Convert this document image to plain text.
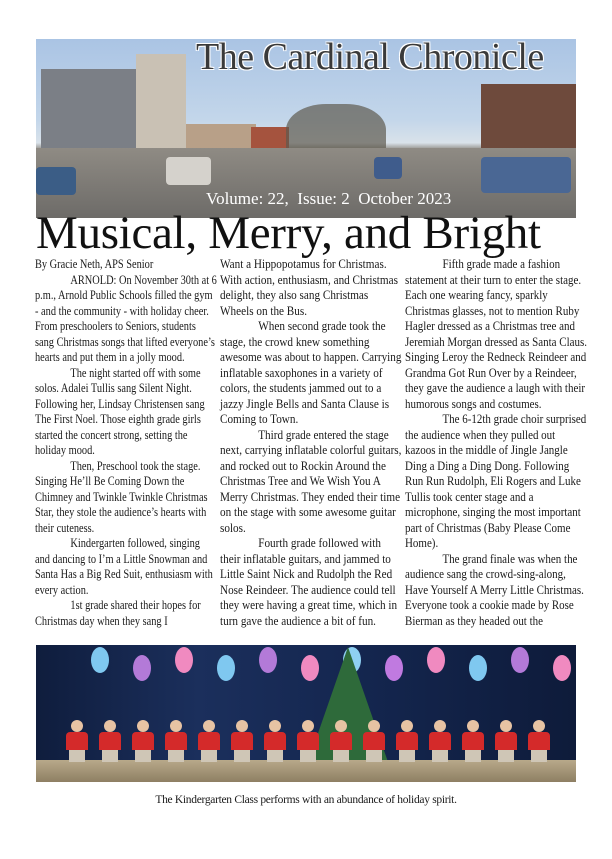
The Cardinal Chronicle
Volume: 22,  Issue: 2  October 2023
Musical, Merry, and Bright

By Gracie Neth, APS Senior

ARNOLD: On November 30th at 6 p.m., Arnold Public Schools filled the gym - and the community - with holiday cheer. From preschoolers to Seniors, students sang Christmas songs that lifted everyone’s hearts and put them in a jolly mood.

The night started off with some solos. Adalei Tullis sang Silent Night. Following her, Lindsay Christensen sang The First Noel. Those eighth grade girls started the concert strong, setting the holiday mood.

Then, Preschool took the stage. Singing He’ll Be Coming Down the Chimney and Twinkle Twinkle Christmas Star, they stole the audience’s hearts with their cuteness.

Kindergarten followed, singing and dancing to I’m a Little Snowman and Santa Has a Big Red Suit, enthusiasm with every action.

1st grade shared their hopes for Christmas day when they sang I

Want a Hippopotamus for Christmas. With action, enthusiasm, and Christmas delight, they also sang Christmas Wheels on the Bus.

When second grade took the stage, the crowd knew something awesome was about to happen. Carrying inflatable saxophones in a variety of colors, the students jammed out to a jazzy Jingle Bells and Santa Clause is Coming to Town.

Third grade entered the stage next, carrying inflatable colorful guitars, and rocked out to Rockin Around the Christmas Tree and We Wish You A Merry Christmas. They ended their time on the stage with some awesome guitar solos.

Fourth grade followed with their inflatable guitars, and jammed to Little Saint Nick and Rudolph the Red Nose Reindeer. The audience could tell they were having a great time, which in turn gave the audience a bit of fun.

Fifth grade made a fashion statement at their turn to enter the stage. Each one wearing fancy, sparkly Christmas glasses, not to mention Ruby Hagler dressed as a Christmas tree and Jeremiah Morgan dressed as Santa Claus. Singing Leroy the Redneck Reindeer and Grandma Got Run Over by a Reindeer, they gave the audience a laugh with their humorous songs and costumes.

The 6-12th grade choir surprised the audience when they pulled out kazoos in the middle of Jingle Jangle Ding a Ding a Ding Dong. Following Run Run Rudolph, Eli Rogers and Luke Tullis took center stage and a microphone, singing the most important part of Christmas (Baby Please Come Home).

The grand finale was when the audience sang the crowd-sing-along, Have Yourself A Merry Little Christmas. Everyone took a cookie made by Rose Bierman as they headed out the

The Kindergarten Class performs with an abundance of holiday spirit.
